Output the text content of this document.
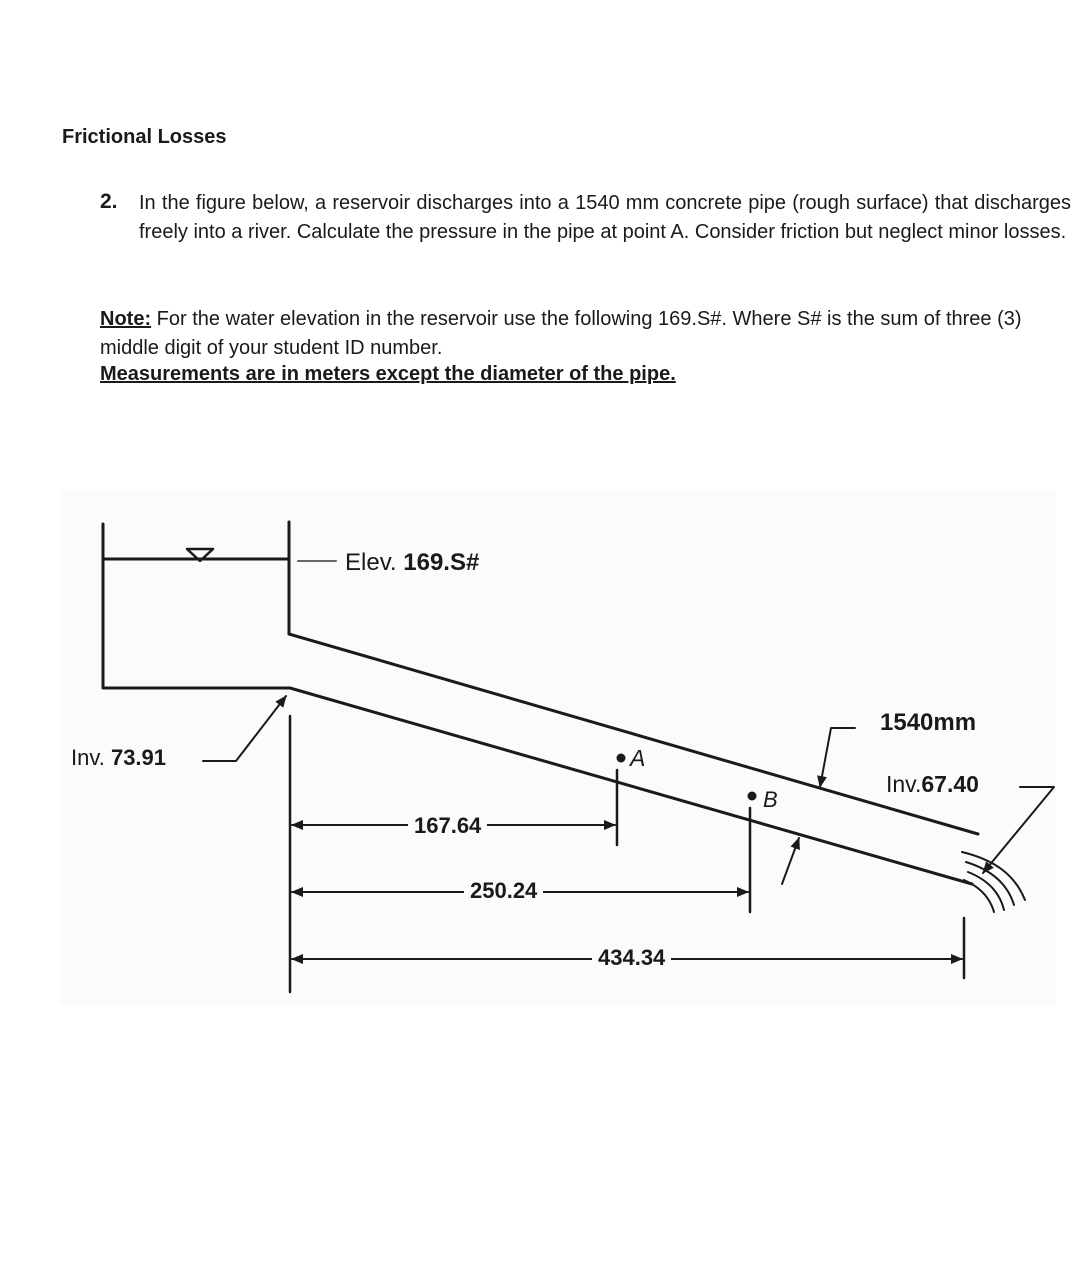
Frictional Losses
2. In the figure below, a reservoir discharges into a 1540 mm concrete pipe (rough surface) that discharges freely into a river. Calculate the pressure in the pipe at point A. Consider friction but neglect minor losses.
Note: For the water elevation in the reservoir use the following 169.S#. Where S# is the sum of three (3) middle digit of your student ID number.
Measurements are in meters except the diameter of the pipe.
Elev. 169.S#
Inv. 73.91
1540mm
Inv.67.40
A
B
167.64
250.24
434.34
